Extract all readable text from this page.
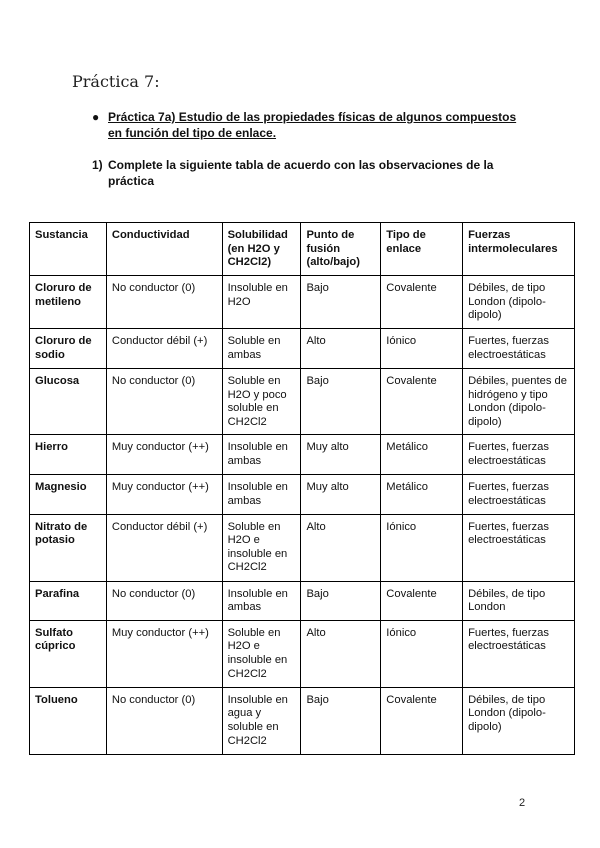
Práctica 7:
● Práctica 7a) Estudio de las propiedades físicas de algunos compuestos en función del tipo de enlace.
1) Complete la siguiente tabla de acuerdo con las observaciones de la práctica
Sustancia	Conductividad	Solubilidad (en H2O y CH2Cl2)	Punto de fusión (alto/bajo)	Tipo de enlace	Fuerzas intermoleculares
Cloruro de metileno	No conductor (0)	Insoluble en H2O	Bajo	Covalente	Débiles, de tipo London (dipolo-dipolo)
Cloruro de sodio	Conductor débil (+)	Soluble en ambas	Alto	Iónico	Fuertes, fuerzas electroestáticas
Glucosa	No conductor (0)	Soluble en H2O y poco soluble en CH2Cl2	Bajo	Covalente	Débiles, puentes de hidrógeno y tipo London (dipolo-dipolo)
Hierro	Muy conductor (++)	Insoluble en ambas	Muy alto	Metálico	Fuertes, fuerzas electroestáticas
Magnesio	Muy conductor (++)	Insoluble en ambas	Muy alto	Metálico	Fuertes, fuerzas electroestáticas
Nitrato de potasio	Conductor débil (+)	Soluble en H2O e insoluble en CH2Cl2	Alto	Iónico	Fuertes, fuerzas electroestáticas
Parafina	No conductor (0)	Insoluble en ambas	Bajo	Covalente	Débiles, de tipo London
Sulfato cúprico	Muy conductor (++)	Soluble en H2O e insoluble en CH2Cl2	Alto	Iónico	Fuertes, fuerzas electroestáticas
Tolueno	No conductor (0)	Insoluble en agua y soluble en CH2Cl2	Bajo	Covalente	Débiles, de tipo London (dipolo-dipolo)
2
